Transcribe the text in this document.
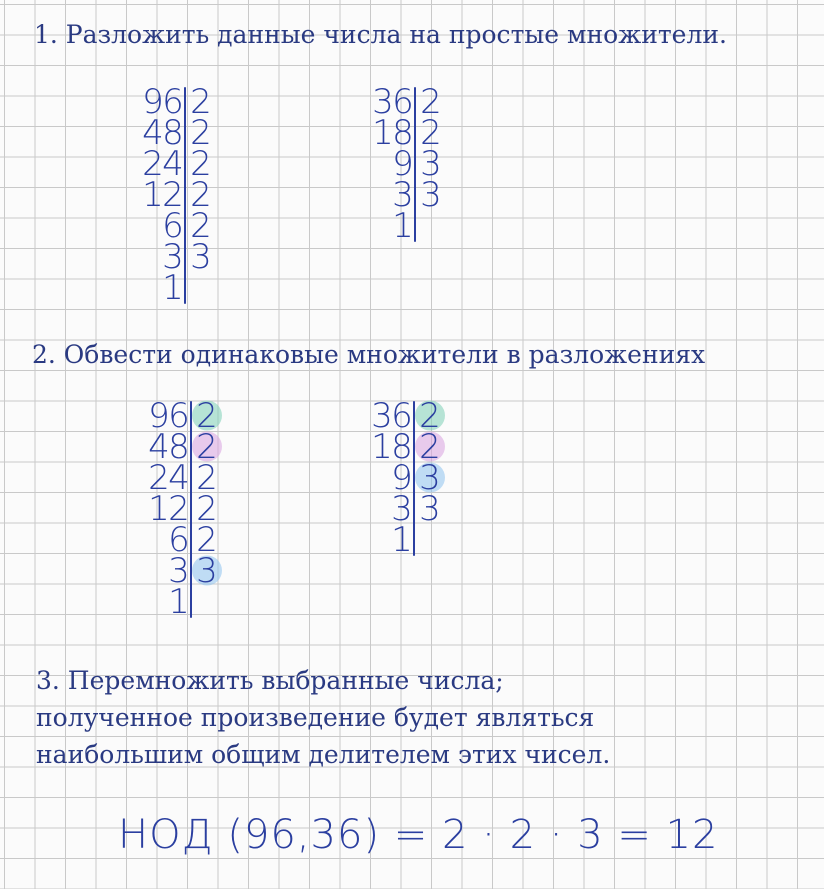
1. Разложить данные числа на простые множители.
2. Обвести одинаковые множители в разложениях
3. Перемножить выбранные числа;
полученное произведение будет являться
наибольшим общим делителем этих чисел.
9
6 2
4
8 2
2
4 2
1
2 2
6 2
3 3
1
3
6 2
1
8 2
9 3
3 3
1
9
6 2
4
8 2
2
4 2
1
2 2
6 2
3 3
1
3
6 2
1
8 2
9 3
3 3
1
НОД (96,36) = 2 · 2 · 3 = 12
